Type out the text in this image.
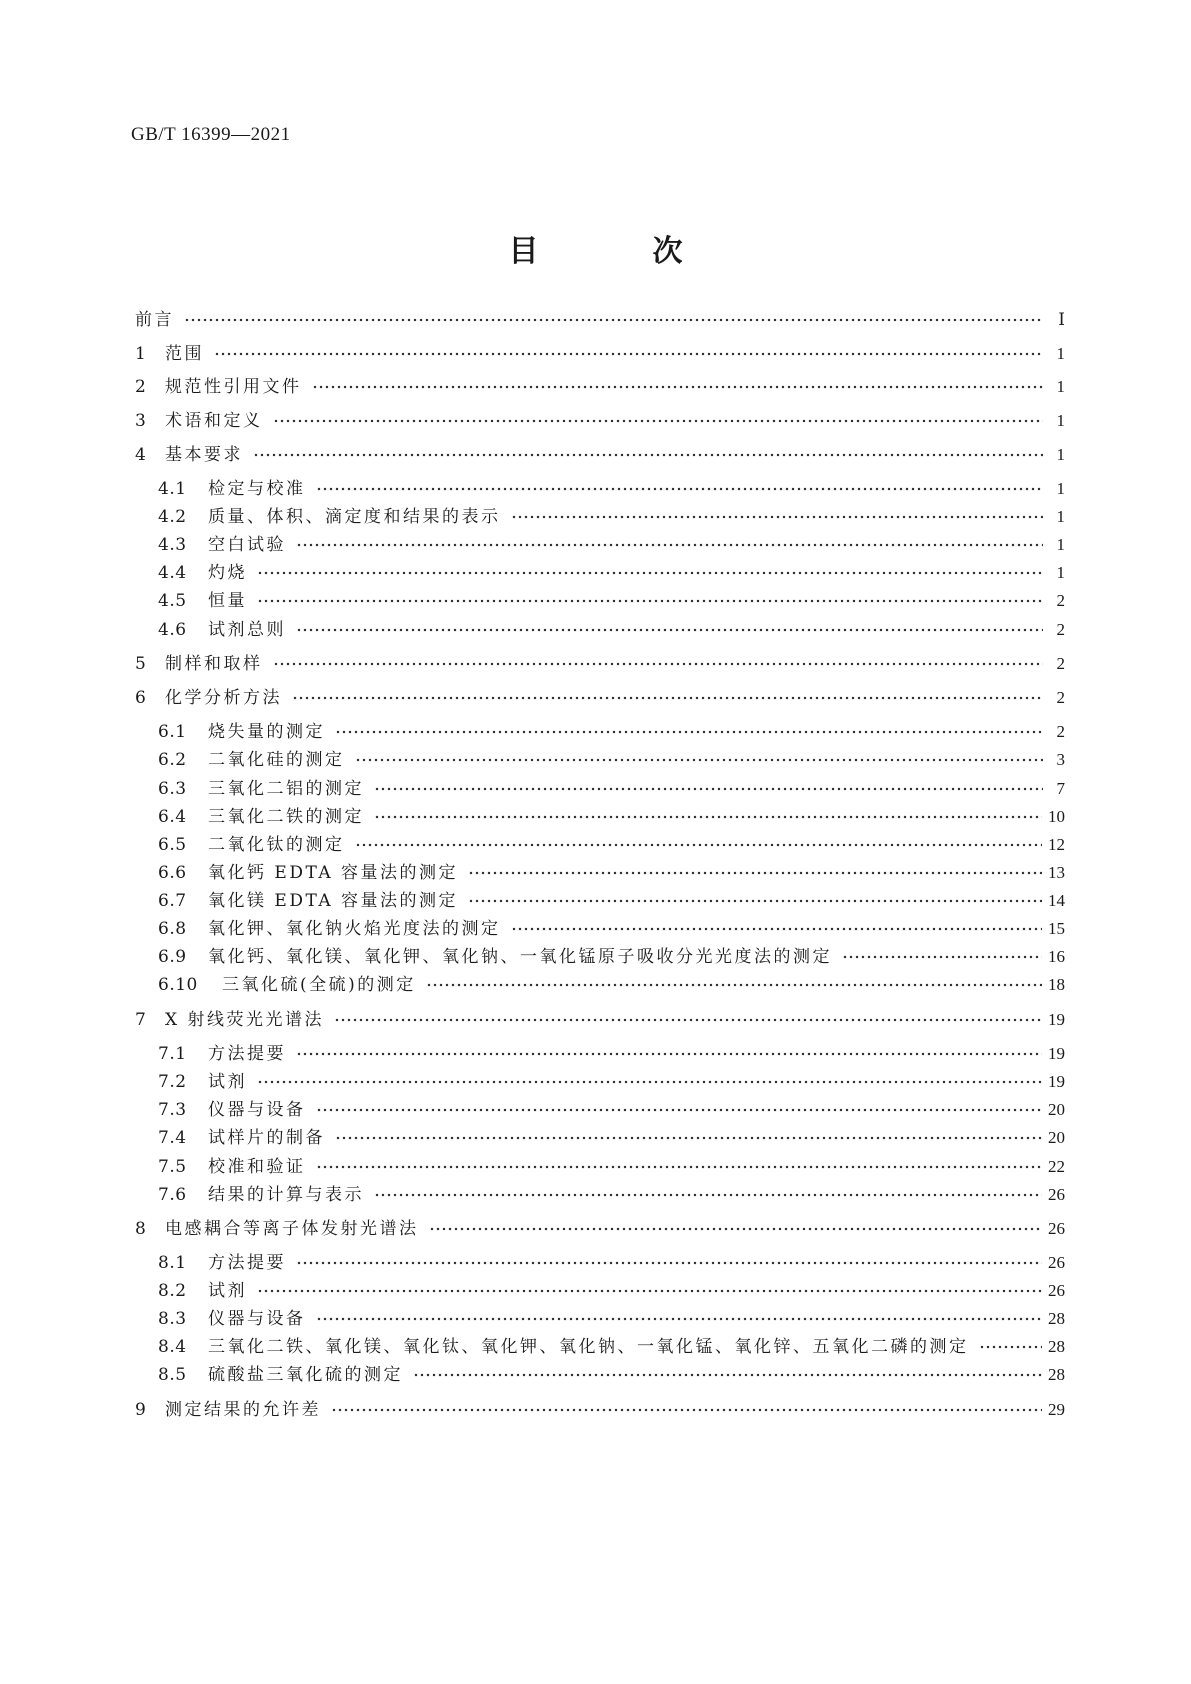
GB/T 16399—2021
目　次
前言	Ⅰ
1	范围	1
2	规范性引用文件	1
3	术语和定义	1
4	基本要求	1
4.1	检定与校准	1
4.2	质量、体积、滴定度和结果的表示	1
4.3	空白试验	1
4.4	灼烧	1
4.5	恒量	2
4.6	试剂总则	2
5	制样和取样	2
6	化学分析方法	2
6.1	烧失量的测定	2
6.2	二氧化硅的测定	3
6.3	三氧化二铝的测定	7
6.4	三氧化二铁的测定	10
6.5	二氧化钛的测定	12
6.6	氧化钙 EDTA 容量法的测定	13
6.7	氧化镁 EDTA 容量法的测定	14
6.8	氧化钾、氧化钠火焰光度法的测定	15
6.9	氧化钙、氧化镁、氧化钾、氧化钠、一氧化锰原子吸收分光光度法的测定	16
6.10	三氧化硫(全硫)的测定	18
7	X 射线荧光光谱法	19
7.1	方法提要	19
7.2	试剂	19
7.3	仪器与设备	20
7.4	试样片的制备	20
7.5	校准和验证	22
7.6	结果的计算与表示	26
8	电感耦合等离子体发射光谱法	26
8.1	方法提要	26
8.2	试剂	26
8.3	仪器与设备	28
8.4	三氧化二铁、氧化镁、氧化钛、氧化钾、氧化钠、一氧化锰、氧化锌、五氧化二磷的测定	28
8.5	硫酸盐三氧化硫的测定	28
9	测定结果的允许差	29
